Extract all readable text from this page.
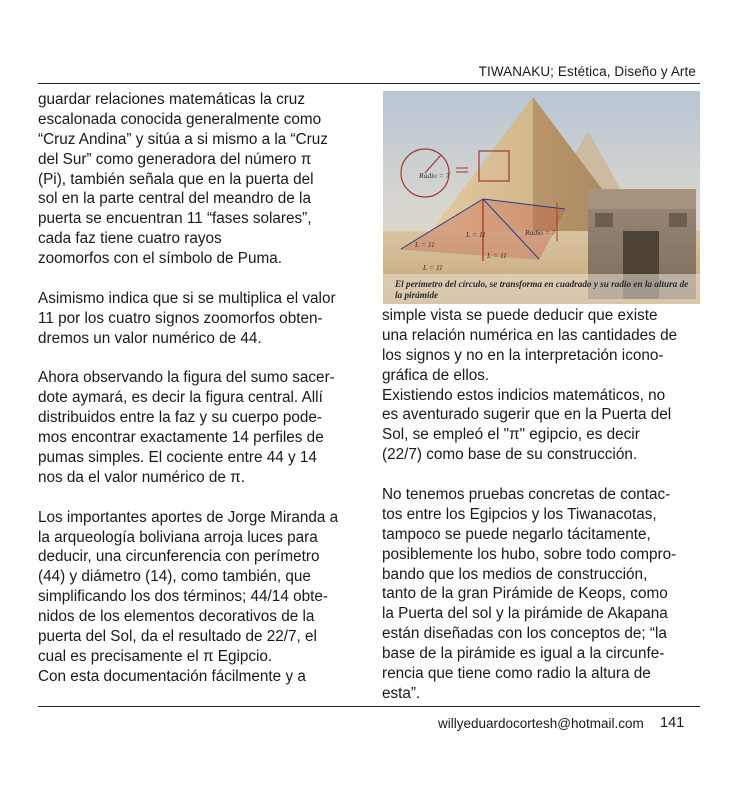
TIWANAKU; Estética, Diseño y Arte
guardar relaciones matemáticas la cruz
escalonada conocida generalmente como
“Cruz Andina” y sitúa a si mismo a la “Cruz
del Sur” como generadora del número π
(Pi), también señala que en la puerta del
sol en la parte central del meandro de la
puerta se encuentran 11 “fases solares”,
cada faz tiene cuatro rayos
zoomorfos con el símbolo de Puma.
Asimismo indica que si se multiplica el valor
11 por los cuatro signos zoomorfos obten-
dremos un valor numérico de 44.
Ahora observando la figura del sumo sacer-
dote aymará, es decir la figura central. Allí
distribuidos entre la faz y su cuerpo pode-
mos encontrar exactamente 14 perfiles de
pumas simples. El cociente entre 44 y 14
nos da el valor numérico de π.
Los importantes aportes de Jorge Miranda a
la arqueología boliviana arroja luces para
deducir, una circunferencia con perímetro
(44) y diámetro (14), como también, que
simplificando los dos términos; 44/14 obte-
nidos de los elementos decorativos de la
puerta del Sol, da el resultado de 22/7, el
cual es precisamente el π Egipcio.
Con esta documentación fácilmente y a
Radio = 7
Radio = 7
L = 11
L = 11
L = 11
L = 11
El perímetro del círculo, se transforma en cuadrado y su radio en la altura de la pirámide
simple vista se puede deducir que existe
una relación numérica en las cantidades de
los signos y no en la interpretación icono-
gráfica de ellos.
Existiendo estos indicios matemáticos, no
es aventurado sugerir que en la Puerta del
Sol, se empleó el "π" egipcio, es decir
(22/7) como base de su construcción.
No tenemos pruebas concretas de contac-
tos entre los Egipcios y los Tiwanacotas,
tampoco se puede negarlo tácitamente,
posiblemente los hubo, sobre todo compro-
bando que los medios de construcción,
tanto de la gran Pirámide de Keops, como
la Puerta del sol y la pirámide de Akapana
están diseñadas con los conceptos de; “la
base de la pirámide es igual a la circunfe-
rencia que tiene como radio la altura de
esta”.
willyeduardocortesh@hotmail.com 141
